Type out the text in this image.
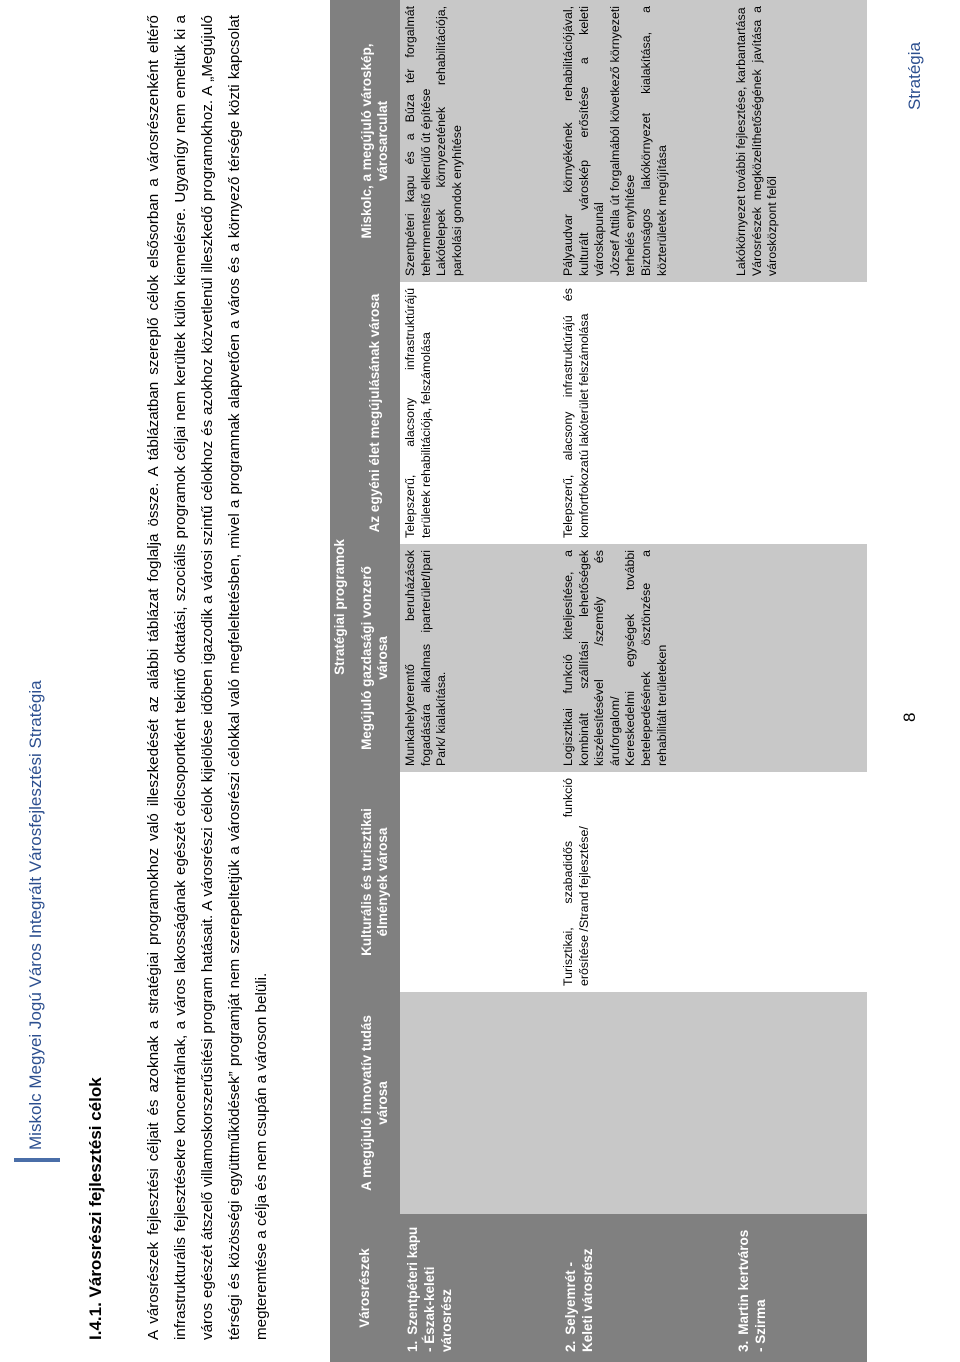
Miskolc Megyei Jogú Város Integrált Városfejlesztési Stratégia
I.4.1. Városrészi fejlesztési célok	A városrészek fejlesztési céljait és azoknak a stratégiai programokhoz való illeszkedését az alábbi táblázat foglalja össze. A táblázatban szereplő célok elsősorban a városrészenként eltérő infrastrukturális fejlesztésekre koncentrálnak, a város lakosságának egészét célcsoportként tekintő oktatási, szociális programok céljai nem kerültek külön kiemelésre. Ugyanígy nem emeltük ki a város egészét átszelő villamoskorszerűsítési program hatásait. A városrészi célok kijelölése időben igazodik a városi szintű célokhoz és azokhoz közvetlenül illeszkedő programokhoz. A „Megújuló térségi és közösségi együttműködések” programját nem szerepeltetjük a városrészi célokkal való megfeleltetésben, mivel a programnak alapvetően a város és a környező térsége közti kapcsolat megteremtése a célja és nem csupán a városon belüli.	Városrészek	Stratégiai programok				
	A megújuló innovatív tudás városa	Kulturális és turisztikai élmények városa	Megújuló gazdasági vonzerő városa	Az egyéni élet megújulásának városa	Miskolc, a megújuló városkép, városarculat
1.Szentpéteri kapu - Észak-keleti városrész			Munkahelyteremtő beruházások fogadására alkalmas iparterület/Ipari Park/ kialakítása.	Telepszerű, alacsony infrastruktúrájú területek rehabilitációja, felszámolása	Szentpéteri kapu és a Búza tér forgalmát tehermentesítő elkerülő út építése Lakótelepek környezetének rehabilitációja, parkolási gondok enyhítése

2.Selyemrét - Keleti városrész		Turisztikai, szabadidős funkció erősítése /Strand fejlesztése/	Logisztikai funkció kiteljesítése, a kombinált szállítási lehetőségek kiszélesítésével /személy és áruforgalom/ Kereskedelmi egységek további betelepedésének ösztönzése a rehabilitált területeken	Telepszerű, alacsony infrastruktúrájú és komfortfokozatú lakóterület felszámolása	Pályaudvar környékének rehabilitációjával, kulturált városkép erősítése a keleti városkapunál József Attila út forgalmából következő környezeti terhelés enyhítése Biztonságos lakókörnyezet kialakítása, a közterületek megújítása

3.Martin kertváros - Szirma					Lakókörnyezet további fejlesztése, karbantartása Városrészek megközelíthetőségének javítása a városközpont felől
8
Stratégia
